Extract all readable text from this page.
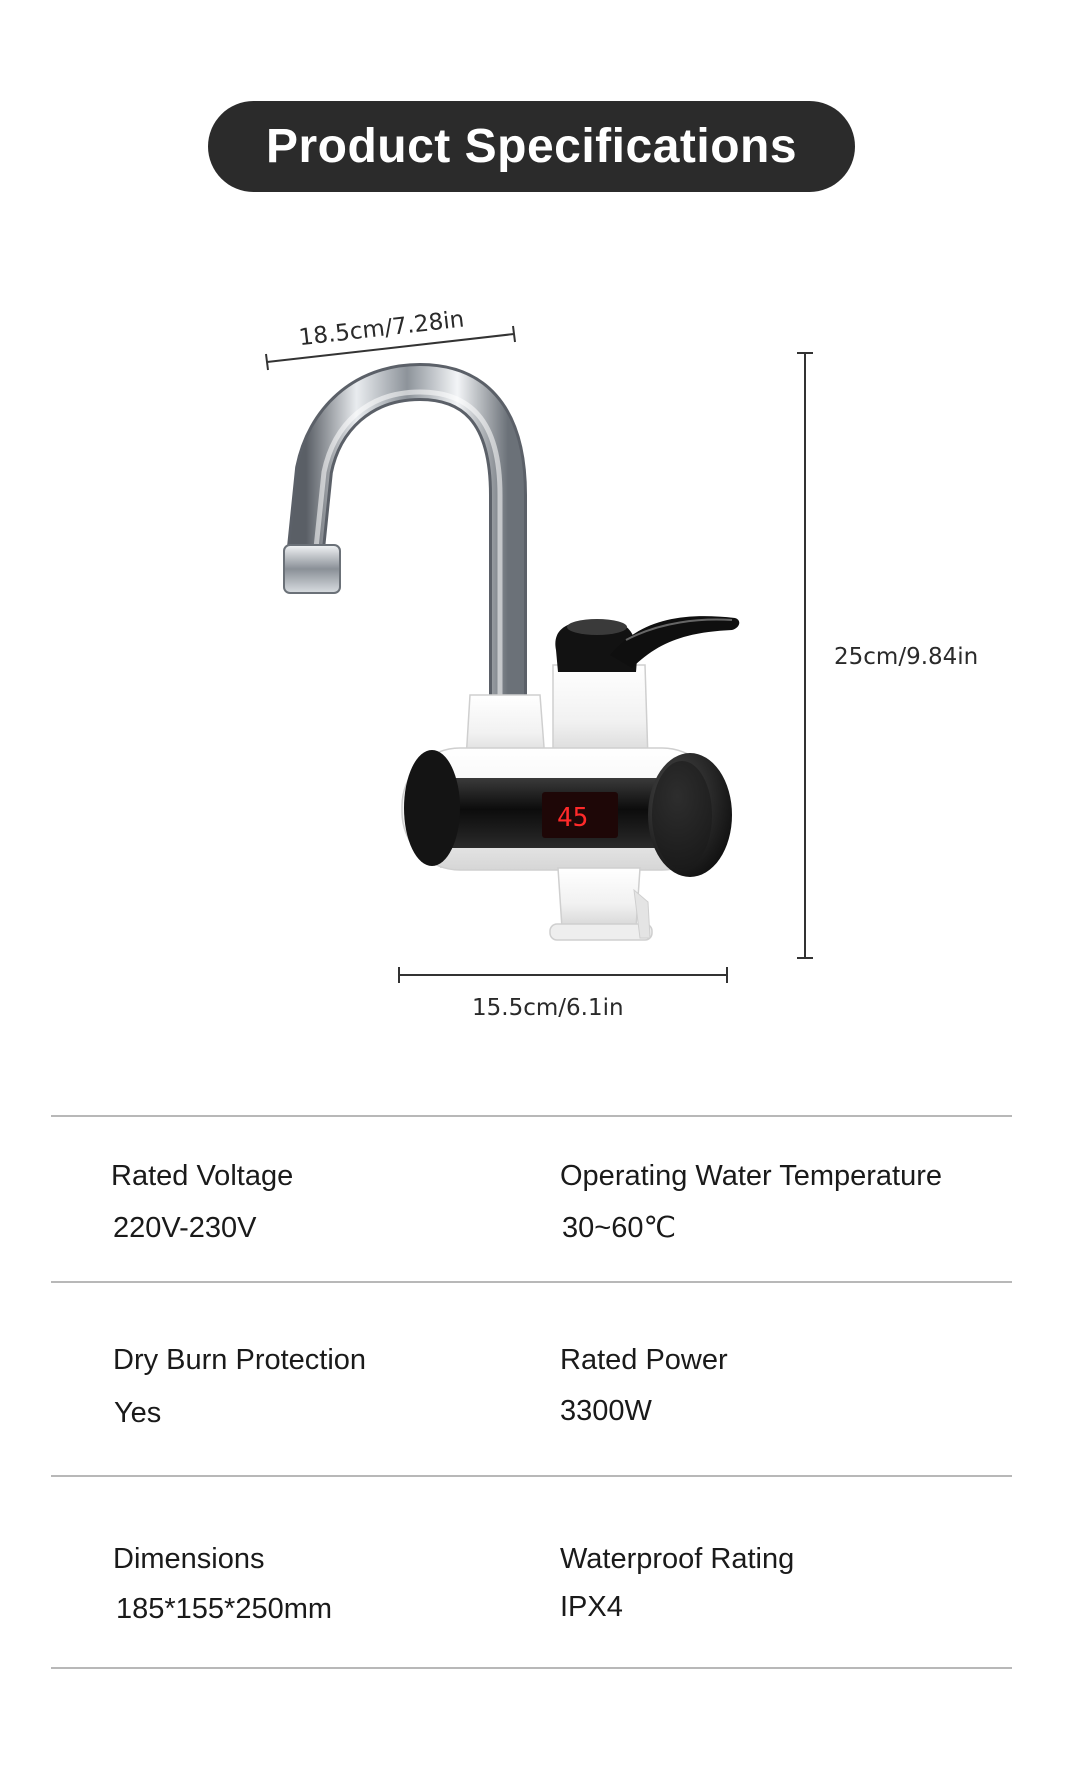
Product Specifications
18.5cm/7.28in
25cm/9.84in
15.5cm/6.1in
45
Rated Voltage
220V-230V
Operating Water Temperature
30~60℃
Dry Burn Protection
Yes
Rated Power
3300W
Dimensions
185*155*250mm
Waterproof Rating
IPX4
